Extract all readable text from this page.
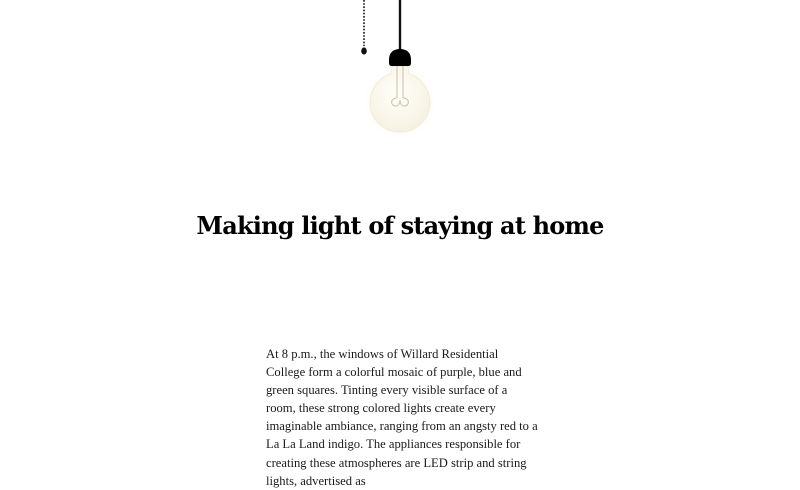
Making light of staying at home

At 8 p.m., the windows of Willard Residential College form a colorful mosaic of purple, blue and green squares. Tinting every visible surface of a room, these strong colored lights create every imaginable ambiance, ranging from an angsty red to a La La Land indigo. The appliances responsible for creating these atmospheres are LED strip and string lights, advertised as
